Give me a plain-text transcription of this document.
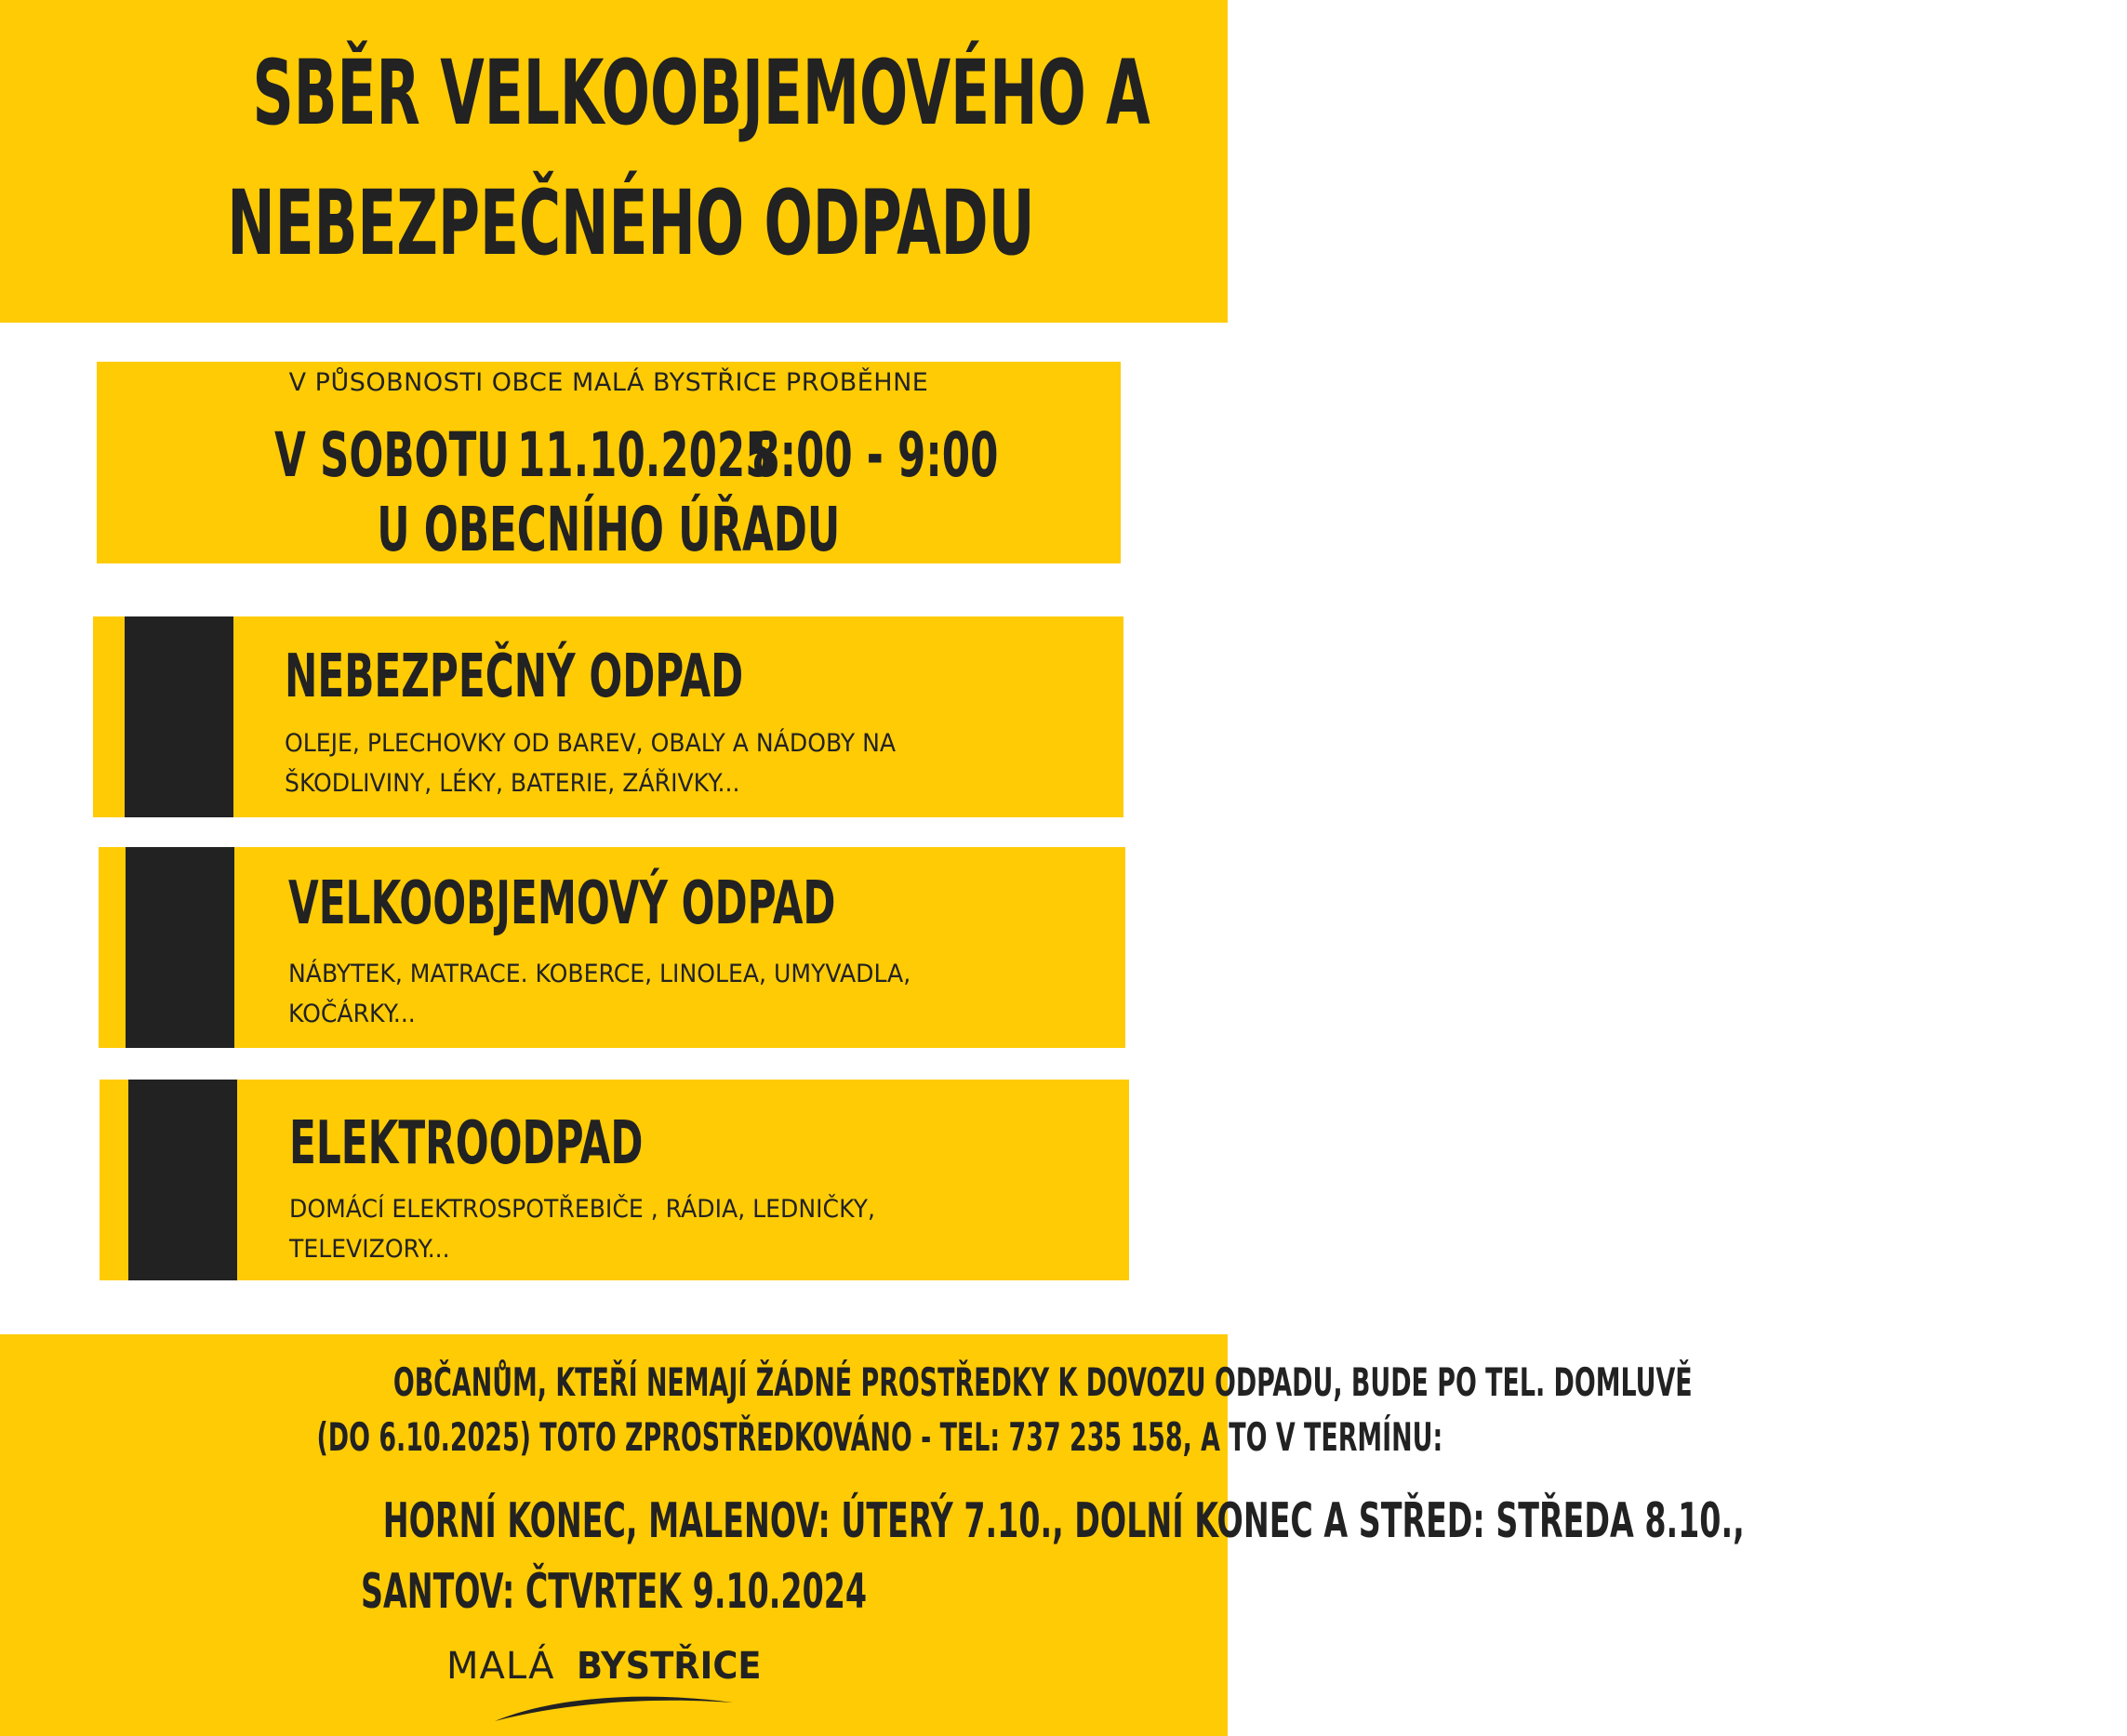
SBĚR VELKOOBJEMOVÉHO A
NEBEZPEČNÉHO ODPADU
V PŮSOBNOSTI OBCE MALÁ BYSTŘICE PROBĚHNE
V SOBOTU 11.10.2025
8:00 - 9:00
U OBECNÍHO ÚŘADU
NEBEZPEČNÝ ODPAD
OLEJE, PLECHOVKY OD BAREV, OBALY A NÁDOBY NA
ŠKODLIVINY, LÉKY, BATERIE, ZÁŘIVKY...
VELKOOBJEMOVÝ ODPAD
NÁBYTEK, MATRACE. KOBERCE, LINOLEA, UMYVADLA,
KOČÁRKY...
ELEKTROODPAD
DOMÁCÍ ELEKTROSPOTŘEBIČE , RÁDIA, LEDNIČKY,
TELEVIZORY...
OBČANŮM, KTEŘÍ NEMAJÍ ŽÁDNÉ PROSTŘEDKY K DOVOZU ODPADU, BUDE PO TEL. DOMLUVĚ
(DO 6.10.2025) TOTO ZPROSTŘEDKOVÁNO - TEL: 737 235 158, A TO V TERMÍNU:
HORNÍ KONEC, MALENOV: ÚTERÝ 7.10., DOLNÍ KONEC A STŘED: STŘEDA 8.10.,
SANTOV: ČTVRTEK 9.10.2024
MALÁ BYSTŘICE
